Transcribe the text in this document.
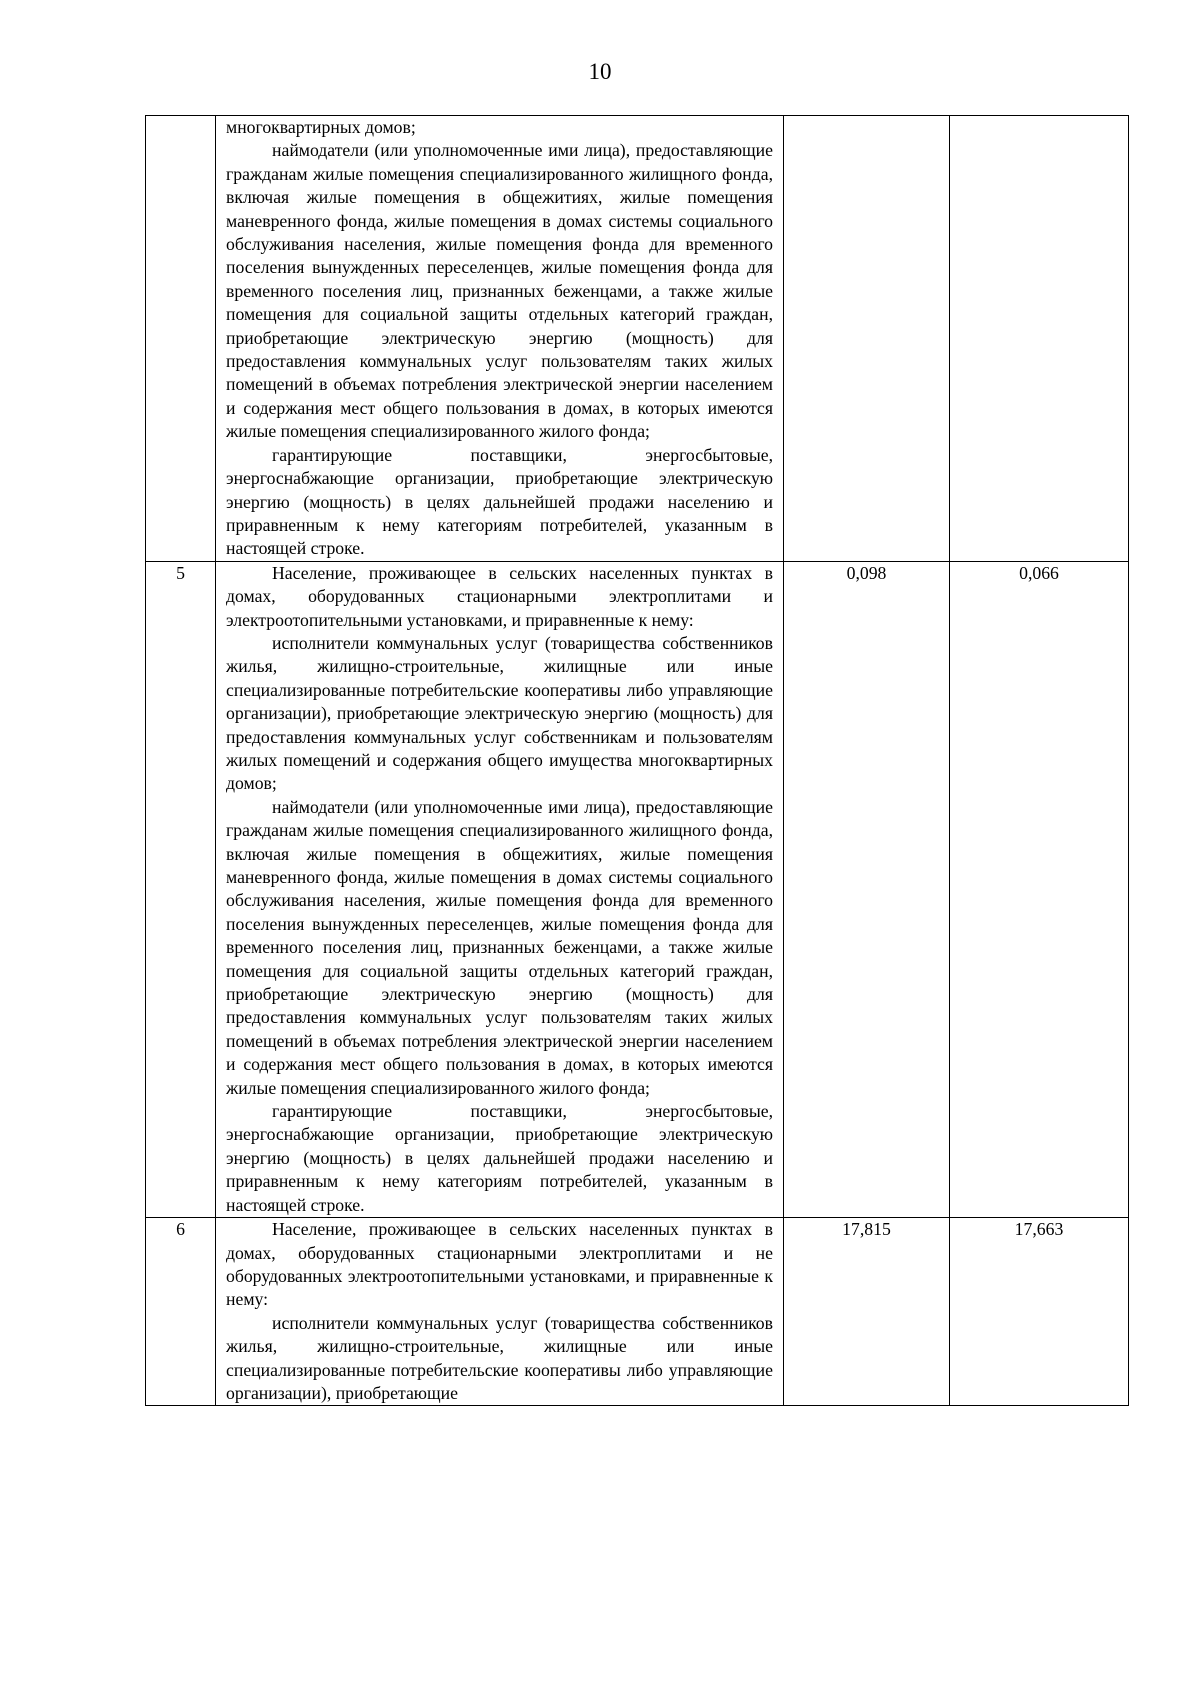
10

	многоквартирных домов;

наймодатели (или уполномоченные ими лица), предоставляющие гражданам жилые помещения специализированного жилищного фонда, включая жилые помещения в общежитиях, жилые помещения маневренного фонда, жилые помещения в домах системы социального обслуживания населения, жилые помещения фонда для временного поселения вынужденных переселенцев, жилые помещения фонда для временного поселения лиц, признанных беженцами, а также жилые помещения для социальной защиты отдельных категорий граждан, приобретающие электрическую энергию (мощность) для предоставления коммунальных услуг пользователям таких жилых помещений в объемах потребления электрической энергии населением и содержания мест общего пользования в домах, в которых имеются жилые помещения специализированного жилого фонда;

гарантирующие поставщики, энергосбытовые, энергоснабжающие организации, приобретающие электрическую энергию (мощность) в целях дальнейшей продажи населению и приравненным к нему категориям потребителей, указанным в настоящей строке.		

5	Население, проживающее в сельских населенных пунктах в домах, оборудованных стационарными электроплитами и электроотопительными установками, и приравненные к нему:

исполнители коммунальных услуг (товарищества собственников жилья, жилищно-строительные, жилищные или иные специализированные потребительские кооперативы либо управляющие организации), приобретающие электрическую энергию (мощность) для предоставления коммунальных услуг собственникам и пользователям жилых помещений и содержания общего имущества многоквартирных домов;

наймодатели (или уполномоченные ими лица), предоставляющие гражданам жилые помещения специализированного жилищного фонда, включая жилые помещения в общежитиях, жилые помещения маневренного фонда, жилые помещения в домах системы социального обслуживания населения, жилые помещения фонда для временного поселения вынужденных переселенцев, жилые помещения фонда для временного поселения лиц, признанных беженцами, а также жилые помещения для социальной защиты отдельных категорий граждан, приобретающие электрическую энергию (мощность) для предоставления коммунальных услуг пользователям таких жилых помещений в объемах потребления электрической энергии населением и содержания мест общего пользования в домах, в которых имеются жилые помещения специализированного жилого фонда;

гарантирующие поставщики, энергосбытовые, энергоснабжающие организации, приобретающие электрическую энергию (мощность) в целях дальнейшей продажи населению и приравненным к нему категориям потребителей, указанным в настоящей строке.	0,098	0,066
6	Население, проживающее в сельских населенных пунктах в домах, оборудованных стационарными электроплитами и не оборудованных электроотопительными установками, и приравненные к нему:

исполнители коммунальных услуг (товарищества собственников жилья, жилищно-строительные, жилищные или иные специализированные потребительские кооперативы либо управляющие организации), приобретающие	17,815	17,663
